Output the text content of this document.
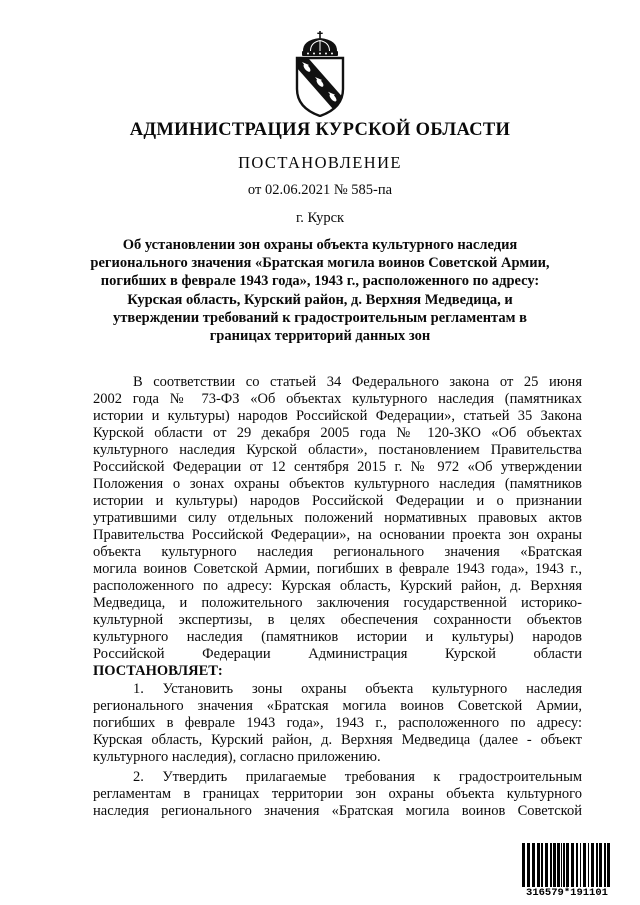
АДМИНИСТРАЦИЯ КУРСКОЙ ОБЛАСТИ
ПОСТАНОВЛЕНИЕ
от 02.06.2021 № 585-па
г. Курск
Об установлении зон охраны объекта культурного наследия
регионального значения «Братская могила воинов Советской Армии,
погибших в феврале 1943 года», 1943 г., расположенного по адресу:
Курская область, Курский район, д. Верхняя Медведица, и
утверждении требований к градостроительным регламентам в
границах территорий данных зон
В соответствии со статьей 34 Федерального закона от 25 июня
2002 года № 73-ФЗ «Об объектах культурного наследия (памятниках
истории и культуры) народов Российской Федерации», статьей 35 Закона
Курской области от 29 декабря 2005 года № 120-ЗКО «Об объектах
культурного наследия Курской области», постановлением Правительства
Российской Федерации от 12 сентября 2015 г. № 972 «Об утверждении
Положения о зонах охраны объектов культурного наследия (памятников
истории и культуры) народов Российской Федерации и о признании
утратившими силу отдельных положений нормативных правовых актов
Правительства Российской Федерации», на основании проекта зон охраны
объекта культурного наследия регионального значения «Братская
могила воинов Советской Армии, погибших в феврале 1943 года», 1943 г.,
расположенного по адресу: Курская область, Курский район, д. Верхняя
Медведица, и положительного заключения государственной историко-
культурной экспертизы, в целях обеспечения сохранности объектов
культурного наследия (памятников истории и культуры) народов
Российской Федерации Администрация Курской области
ПОСТАНОВЛЯЕТ:
1. Установить зоны охраны объекта культурного наследия
регионального значения «Братская могила воинов Советской Армии,
погибших в феврале 1943 года», 1943 г., расположенного по адресу:
Курская область, Курский район, д. Верхняя Медведица (далее - объект
культурного наследия), согласно приложению.
2. Утвердить прилагаемые требования к градостроительным
регламентам в границах территории зон охраны объекта культурного
наследия регионального значения «Братская могила воинов Советской
316579*191101
